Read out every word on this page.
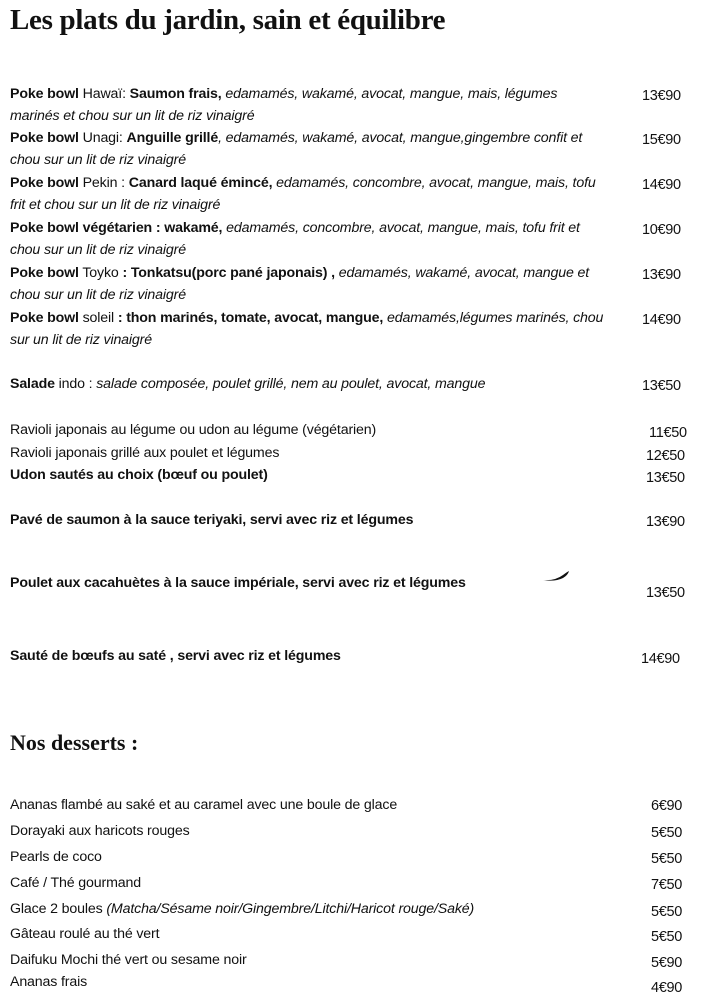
Les plats du jardin, sain et équilibre
Poke bowl Hawaï: Saumon frais, edamamés, wakamé, avocat, mangue, mais, légumes marinés et chou sur un lit de riz vinaigré
13€90
Poke bowl Unagi: Anguille grillé, edamamés, wakamé, avocat, mangue,gingembre confit et chou sur un lit de riz vinaigré
15€90
Poke bowl Pekin : Canard laqué émincé, edamamés, concombre, avocat, mangue, mais, tofu frit et chou sur un lit de riz vinaigré
14€90
Poke bowl végétarien : wakamé, edamamés, concombre, avocat, mangue, mais, tofu frit et chou sur un lit de riz vinaigré
10€90
Poke bowl Toyko : Tonkatsu(porc pané japonais) , edamamés, wakamé, avocat, mangue et chou sur un lit de riz vinaigré
13€90
Poke bowl soleil : thon marinés, tomate, avocat, mangue, edamamés,légumes marinés, chou sur un lit de riz vinaigré
14€90
Salade indo : salade composée, poulet grillé, nem au poulet, avocat, mangue	13€50
Ravioli japonais au légume ou udon au légume (végétarien)	11€50
Ravioli japonais grillé aux poulet et légumes	12€50
Udon sautés au choix (bœuf ou poulet)	13€50
Pavé de saumon à la sauce teriyaki, servi avec riz et légumes	13€90
Poulet aux cacahuètes à la sauce impériale, servi avec riz et légumes
13€50
Sauté de bœufs au saté , servi avec riz et légumes	14€90
Nos desserts :
Ananas flambé au saké et au caramel avec une boule de glace	6€90
Dorayaki aux haricots rouges	5€50
Pearls de coco	5€50
Café / Thé gourmand	7€50
Glace 2 boules (Matcha/Sésame noir/Gingembre/Litchi/Haricot rouge/Saké)	5€50
Gâteau roulé au thé vert	5€50
Daifuku Mochi thé vert ou sesame noir	5€90
Ananas frais	4€90
